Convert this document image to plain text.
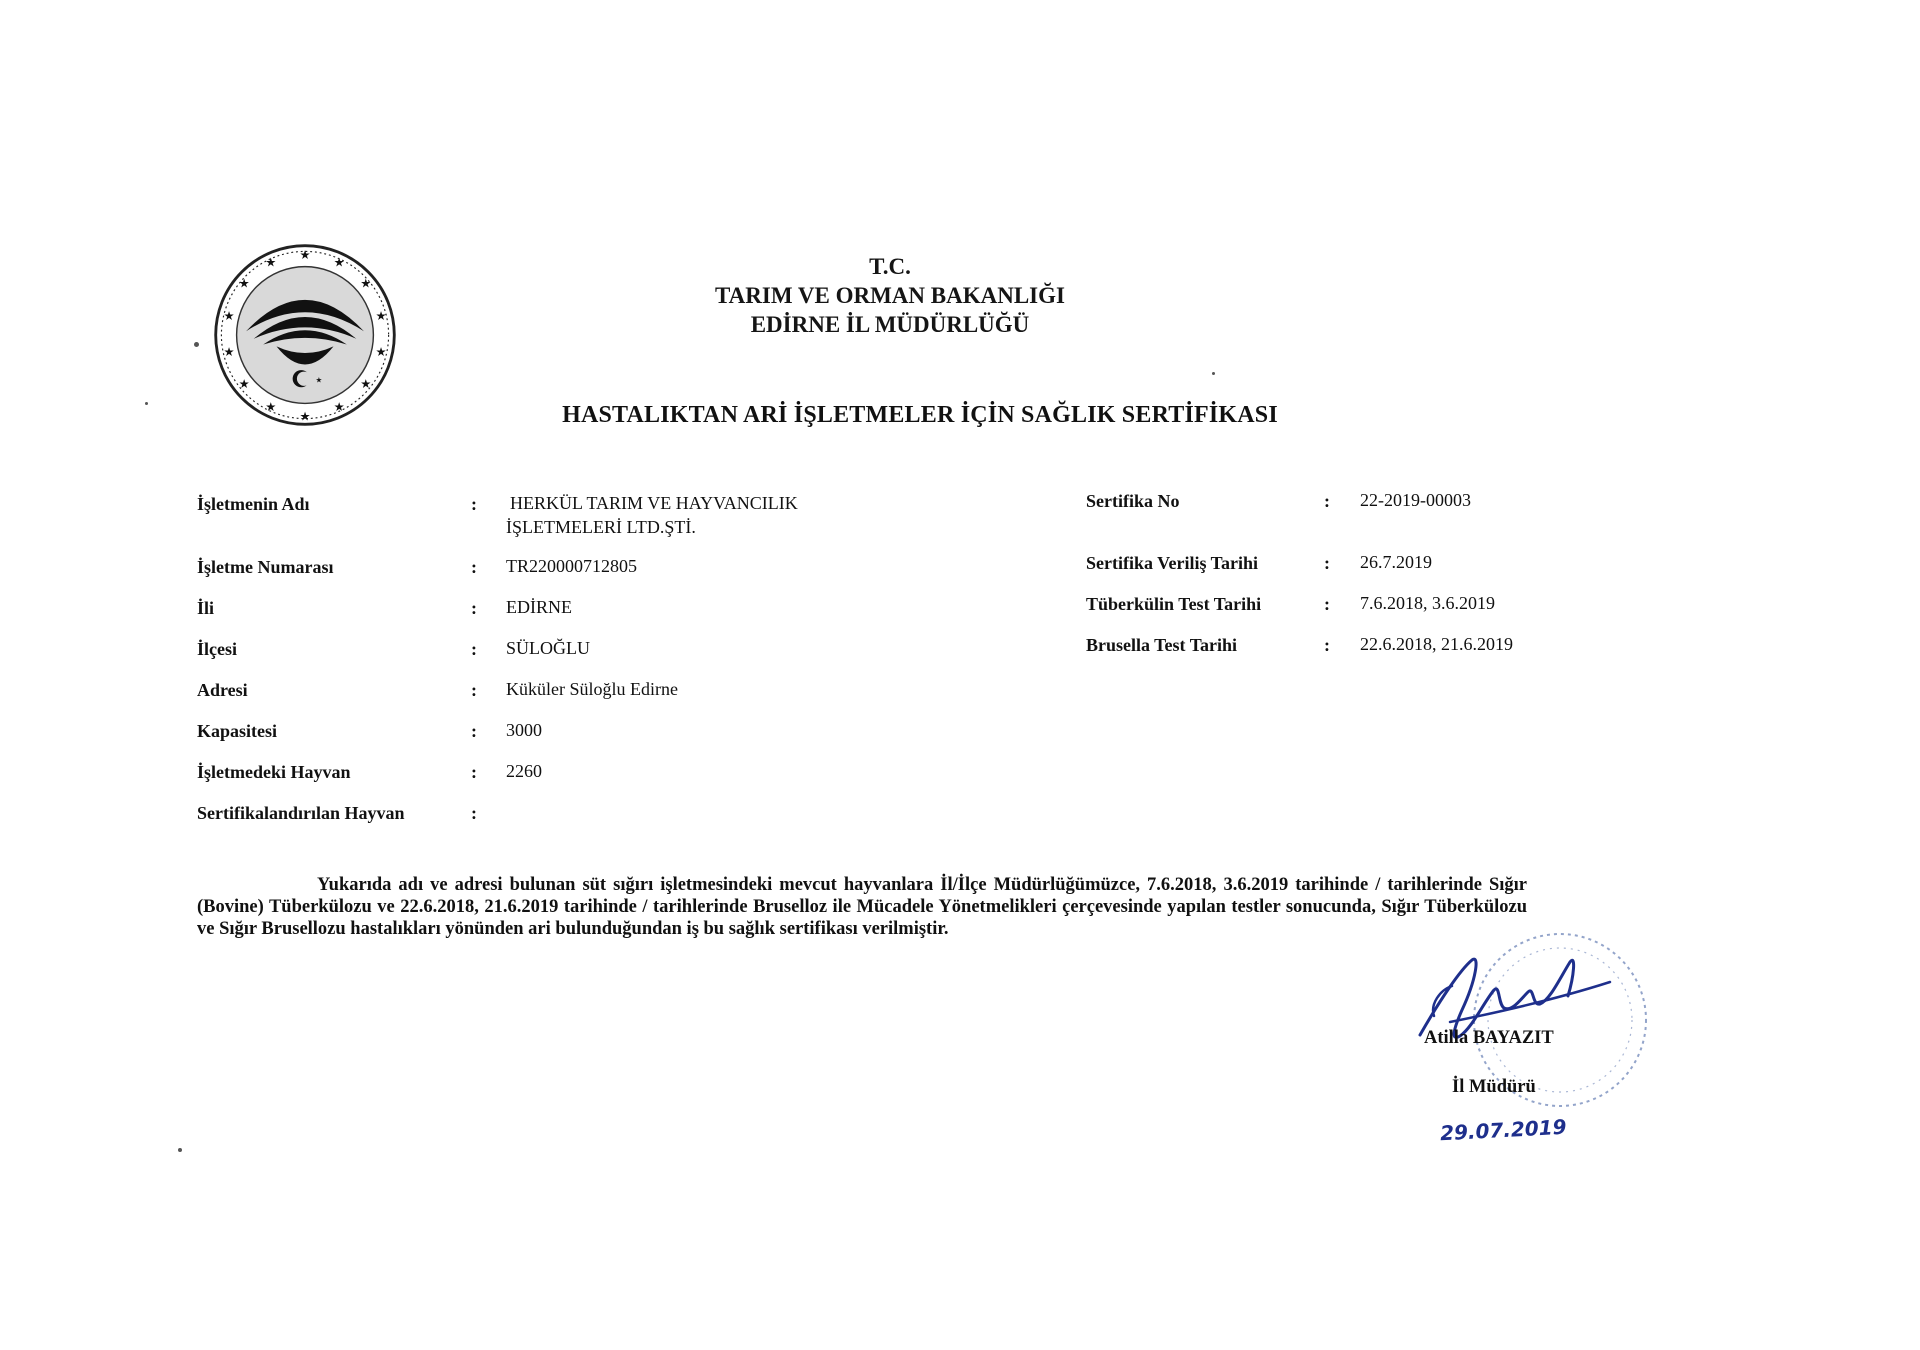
★
★
★
★
★
★
★
★
★
★
★
★
★
★
★
T.C.
TARIM VE ORMAN BAKANLIĞI
EDİRNE İL MÜDÜRLÜĞÜ
HASTALIKTAN ARİ İŞLETMELER İÇİN SAĞLIK SERTİFİKASI
İşletmenin Adı	: HERKÜL TARIM VE HAYVANCILIK
İŞLETMELERİ LTD.ŞTİ.
İşletme Numarası	: TR220000712805
İli	: EDİRNE
İlçesi	: SÜLOĞLU
Adresi	: Küküler Süloğlu Edirne
Kapasitesi	: 3000
İşletmedeki Hayvan	: 2260
Sertifikalandırılan Hayvan	:
Sertifika No	: 22-2019-00003
Sertifika Veriliş Tarihi	: 26.7.2019
Tüberkülin Test Tarihi	: 7.6.2018, 3.6.2019
Brusella Test Tarihi	: 22.6.2018, 21.6.2019
Yukarıda adı ve adresi bulunan süt sığırı işletmesindeki mevcut hayvanlara İl/İlçe Müdürlüğümüzce, 7.6.2018, 3.6.2019 tarihinde / tarihlerinde Sığır (Bovine) Tüberkülozu ve 22.6.2018, 21.6.2019 tarihinde / tarihlerinde Bruselloz ile Mücadele Yönetmelikleri çerçevesinde yapılan testler sonucunda, Sığır Tüberkülozu ve Sığır Brusellozu hastalıkları yönünden ari bulunduğundan iş bu sağlık sertifikası verilmiştir.
Atilla BAYAZIT
İl Müdürü
29.07.2019
